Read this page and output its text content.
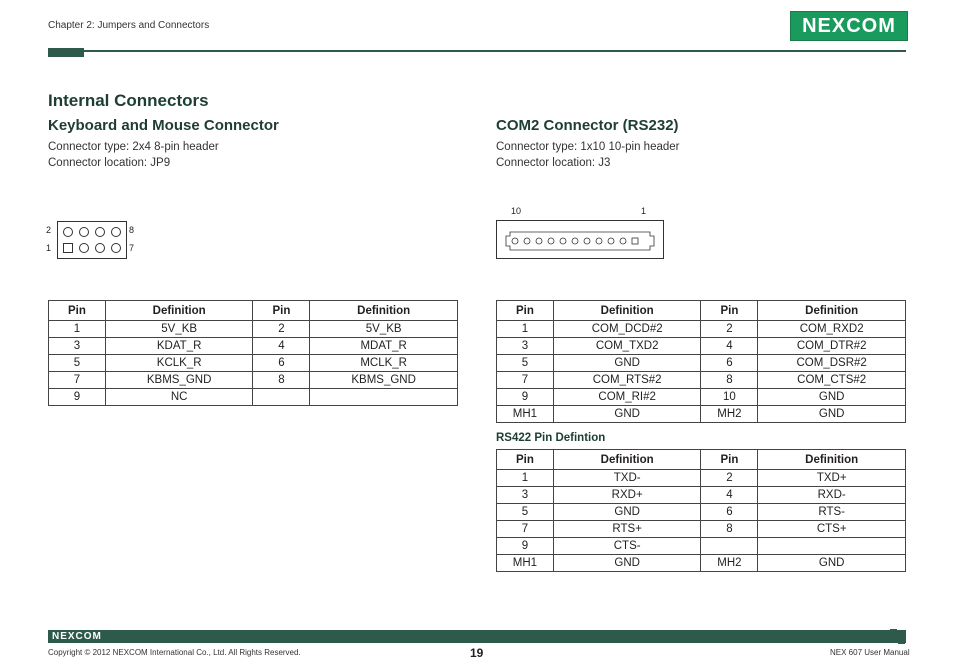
Chapter 2: Jumpers and Connectors	NEXCOM
Internal Connectors
Keyboard and Mouse Connector
Connector type: 2x4 8-pin header
Connector location: JP9
2
1
8
7
Pin	Definition	Pin	Definition
1	5V_KB	2	5V_KB
3	KDAT_R	4	MDAT_R
5	KCLK_R	6	MCLK_R
7	KBMS_GND	8	KBMS_GND
9	NC		
COM2 Connector (RS232)
Connector type: 1x10 10-pin header
Connector location: J3
10	1
Pin	Definition	Pin	Definition
1	COM_DCD#2	2	COM_RXD2
3	COM_TXD2	4	COM_DTR#2
5	GND	6	COM_DSR#2
7	COM_RTS#2	8	COM_CTS#2
9	COM_RI#2	10	GND
MH1	GND	MH2	GND
RS422 Pin Defintion
Pin	Definition	Pin	Definition
1	TXD-	2	TXD+
3	RXD+	4	RXD-
5	GND	6	RTS-
7	RTS+	8	CTS+
9	CTS-		
MH1	GND	MH2	GND
NEXCOM
Copyright © 2012 NEXCOM International Co., Ltd. All Rights Reserved.	19	NEX 607 User Manual
